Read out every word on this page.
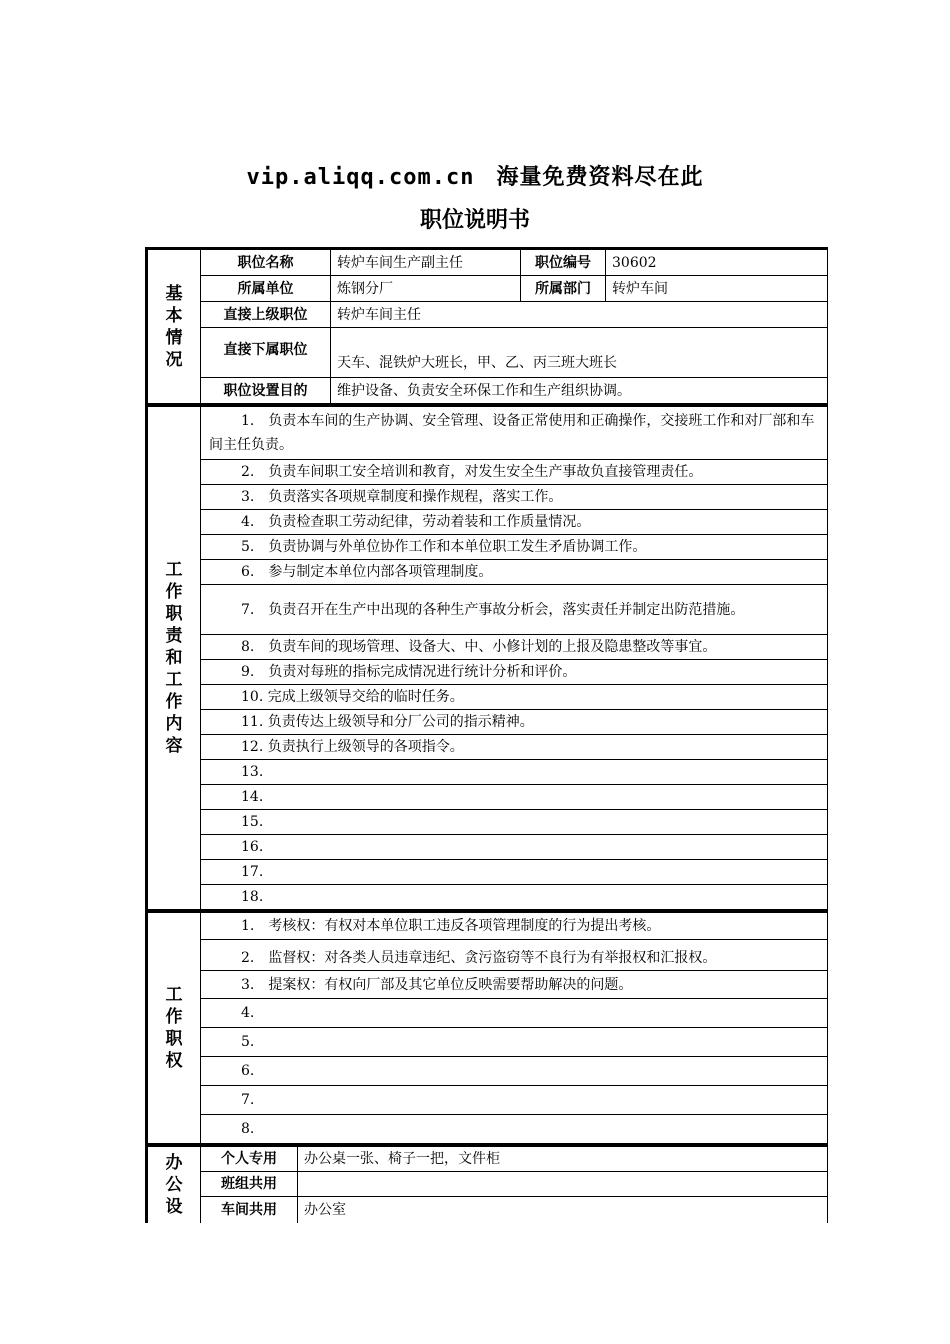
vip.aliqq.com.cn 海量免费资料尽在此
职位说明书
基本情况	职位名称	转炉车间生产副主任	职位编号	30602
	所属单位	炼钢分厂	所属部门	转炉车间
	直接上级职位	转炉车间主任		
	直接下属职位	天车、混铁炉大班长，甲、乙、丙三班大班长		
	职位设置目的	维护设备、负责安全环保工作和生产组织协调。		
工作职责和工作内容	1.　负责本车间的生产协调、安全管理、设备正常使用和正确操作，交接班工作和对厂部和车间主任负责。
2.　负责车间职工安全培训和教育，对发生安全生产事故负直接管理责任。
3.　负责落实各项规章制度和操作规程，落实工作。
4.　负责检查职工劳动纪律，劳动着装和工作质量情况。
5.　负责协调与外单位协作工作和本单位职工发生矛盾协调工作。
6.　参与制定本单位内部各项管理制度。
7.　负责召开在生产中出现的各种生产事故分析会，落实责任并制定出防范措施。
8.　负责车间的现场管理、设备大、中、小修计划的上报及隐患整改等事宜。
9.　负责对每班的指标完成情况进行统计分析和评价。
10. 完成上级领导交给的临时任务。
11. 负责传达上级领导和分厂公司的指示精神。
12. 负责执行上级领导的各项指令。
13.
14.
15.
16.
17.
18.
工作职权	1.　考核权：有权对本单位职工违反各项管理制度的行为提出考核。
2.　监督权：对各类人员违章违纪、贪污盗窃等不良行为有举报权和汇报权。
3.　提案权：有权向厂部及其它单位反映需要帮助解决的问题。
4.
5.
6.
7.
8.
办公设	个人专用	办公桌一张、椅子一把，文件柜
	班组共用	
	车间共用	办公室
